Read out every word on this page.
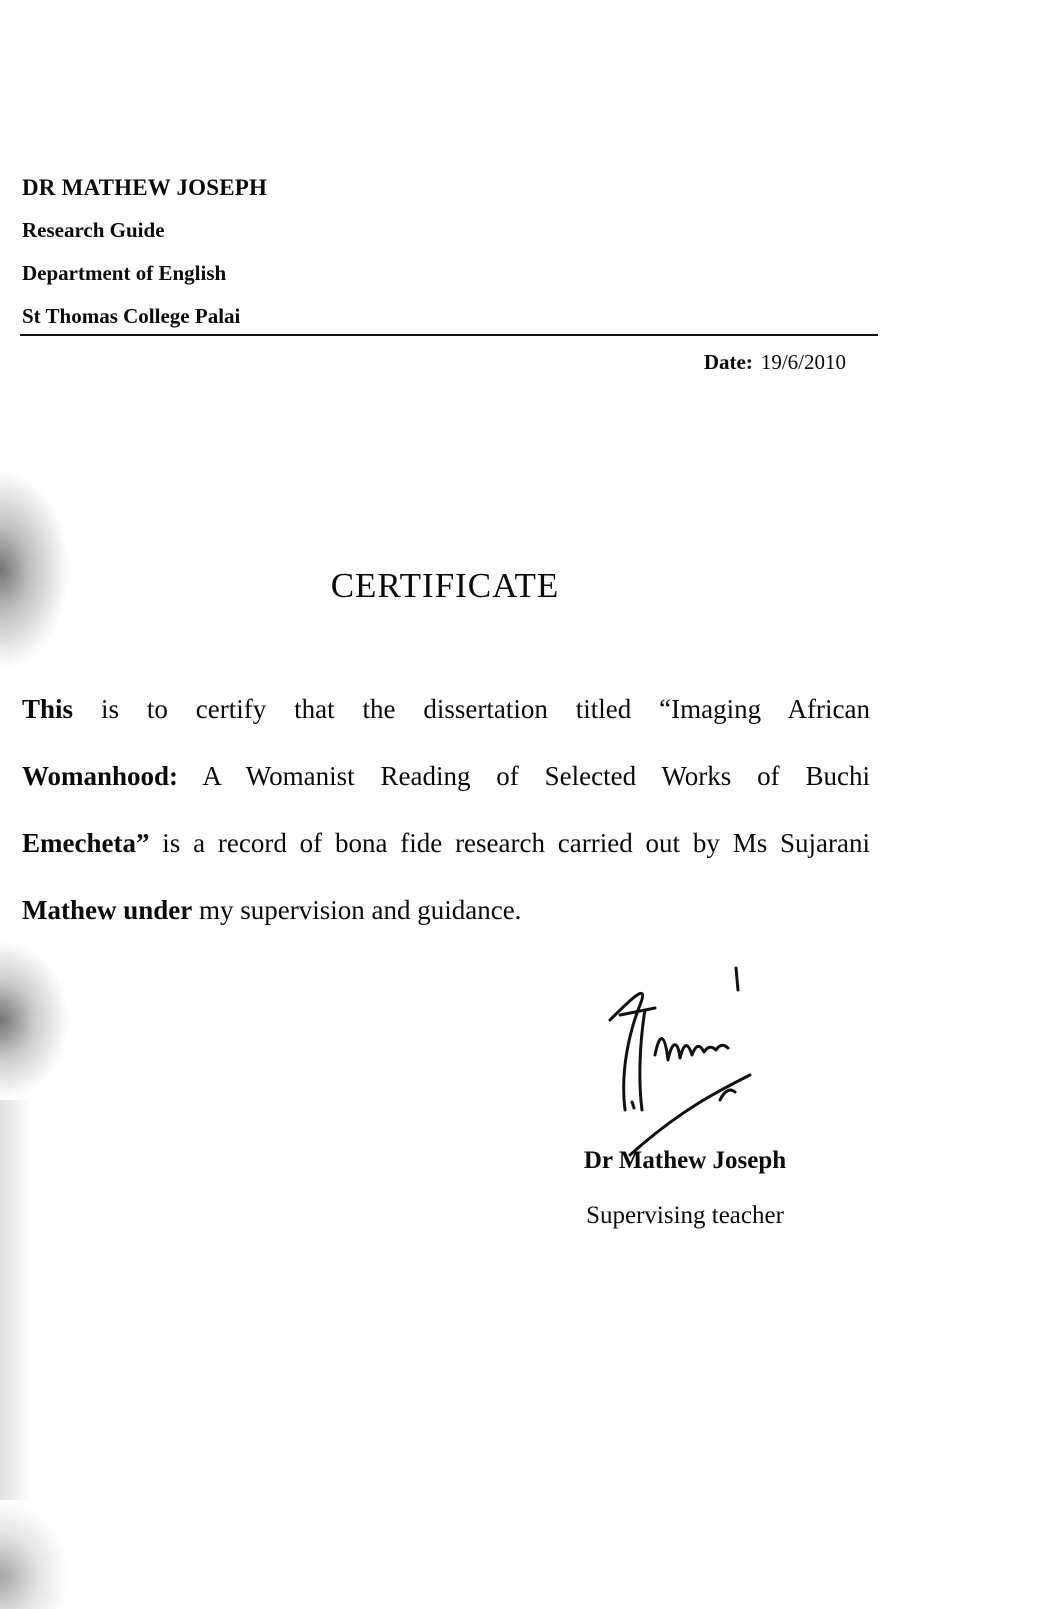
DR MATHEW JOSEPH
Research Guide
Department of English
St Thomas College Palai
Date: 19/6/2010
CERTIFICATE
This is to certify that the dissertation titled “Imaging African
Womanhood: A Womanist Reading of Selected Works of Buchi
Emecheta” is a record of bona fide research carried out by Ms Sujarani
Mathew under my supervision and guidance.
Dr Mathew Joseph
Supervising teacher
